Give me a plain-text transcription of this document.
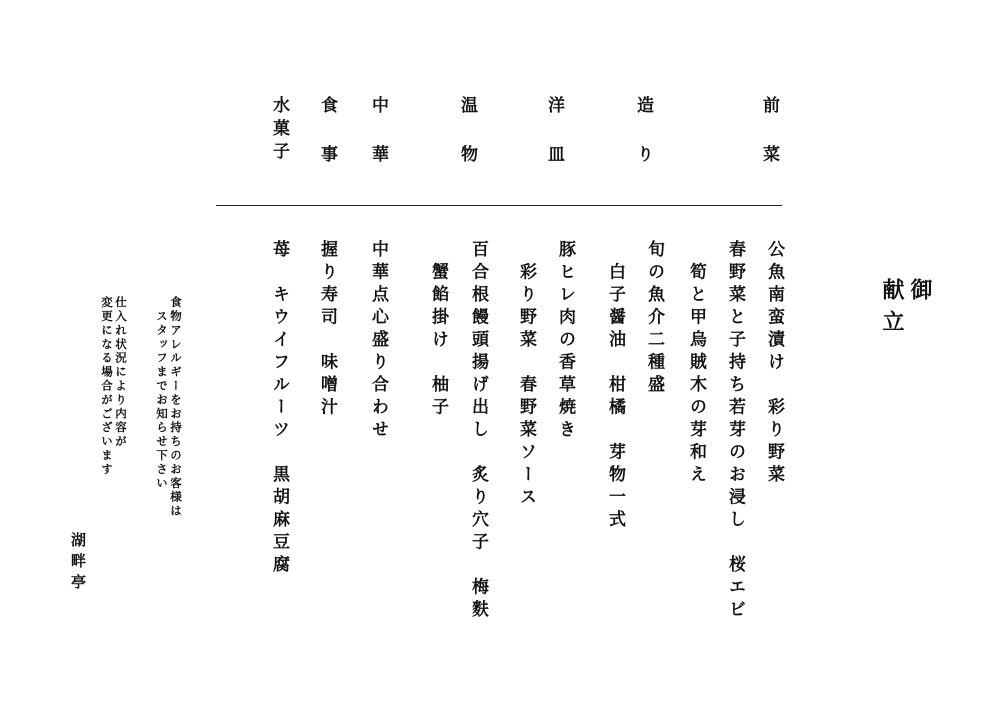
御
献立
前 菜
造 り
洋 皿
温 物
中 華
食 事
水菓子
公魚南蛮漬け　彩り野菜
春野菜と子持ち若芽のお浸し　桜エビ
　筍と甲烏賊木の芽和え
旬の魚介二種盛
　白子醤油　柑橘　芽物一式
豚ヒレ肉の香草焼き
　彩り野菜　春野菜ソース
百合根饅頭揚げ出し　炙り穴子　梅麩
　蟹餡掛け　柚子
中華点心盛り合わせ
握り寿司　味噌汁
苺　キウイフルーツ　黒胡麻豆腐
食物アレルギーをお持ちのお客様は
　スタッフまでお知らせ下さい
仕入れ状況により内容が
変更になる場合がございます
湖畔亭
